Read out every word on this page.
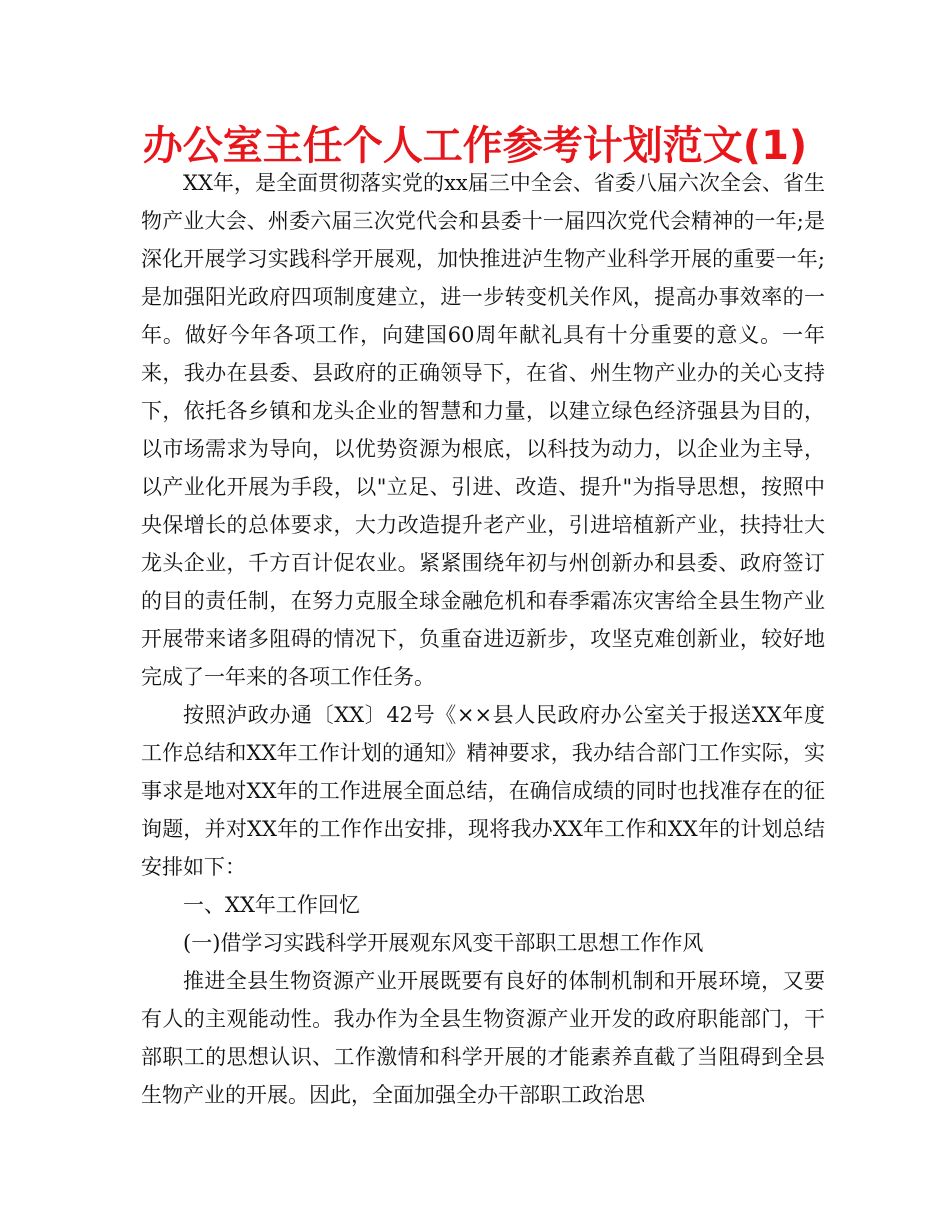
办公室主任个人工作参考计划范文(1)

XX年，是全面贯彻落实党的xx届三中全会、省委八届六次全会、省生物产业大会、州委六届三次党代会和县委十一届四次党代会精神的一年;是深化开展学习实践科学开展观，加快推进泸生物产业科学开展的重要一年;是加强阳光政府四项制度建立，进一步转变机关作风，提高办事效率的一年。做好今年各项工作，向建国60周年献礼具有十分重要的意义。一年来，我办在县委、县政府的正确领导下，在省、州生物产业办的关心支持下，依托各乡镇和龙头企业的智慧和力量，以建立绿色经济强县为目的，以市场需求为导向，以优势资源为根底，以科技为动力，以企业为主导，以产业化开展为手段，以"立足、引进、改造、提升"为指导思想，按照中央保增长的总体要求，大力改造提升老产业，引进培植新产业，扶持壮大龙头企业，千方百计促农业。紧紧围绕年初与州创新办和县委、政府签订的目的责任制，在努力克服全球金融危机和春季霜冻灾害给全县生物产业开展带来诸多阻碍的情况下，负重奋进迈新步，攻坚克难创新业，较好地完成了一年来的各项工作任务。

按照泸政办通〔XX〕42号《××县人民政府办公室关于报送XX年度工作总结和XX年工作计划的通知》精神要求，我办结合部门工作实际，实事求是地对XX年的工作进展全面总结，在确信成绩的同时也找准存在的征询题，并对XX年的工作作出安排，现将我办XX年工作和XX年的计划总结安排如下：

一、XX年工作回忆

(一)借学习实践科学开展观东风变干部职工思想工作作风

推进全县生物资源产业开展既要有良好的体制机制和开展环境，又要有人的主观能动性。我办作为全县生物资源产业开发的政府职能部门，干部职工的思想认识、工作激情和科学开展的才能素养直截了当阻碍到全县生物产业的开展。因此，全面加强全办干部职工政治思
